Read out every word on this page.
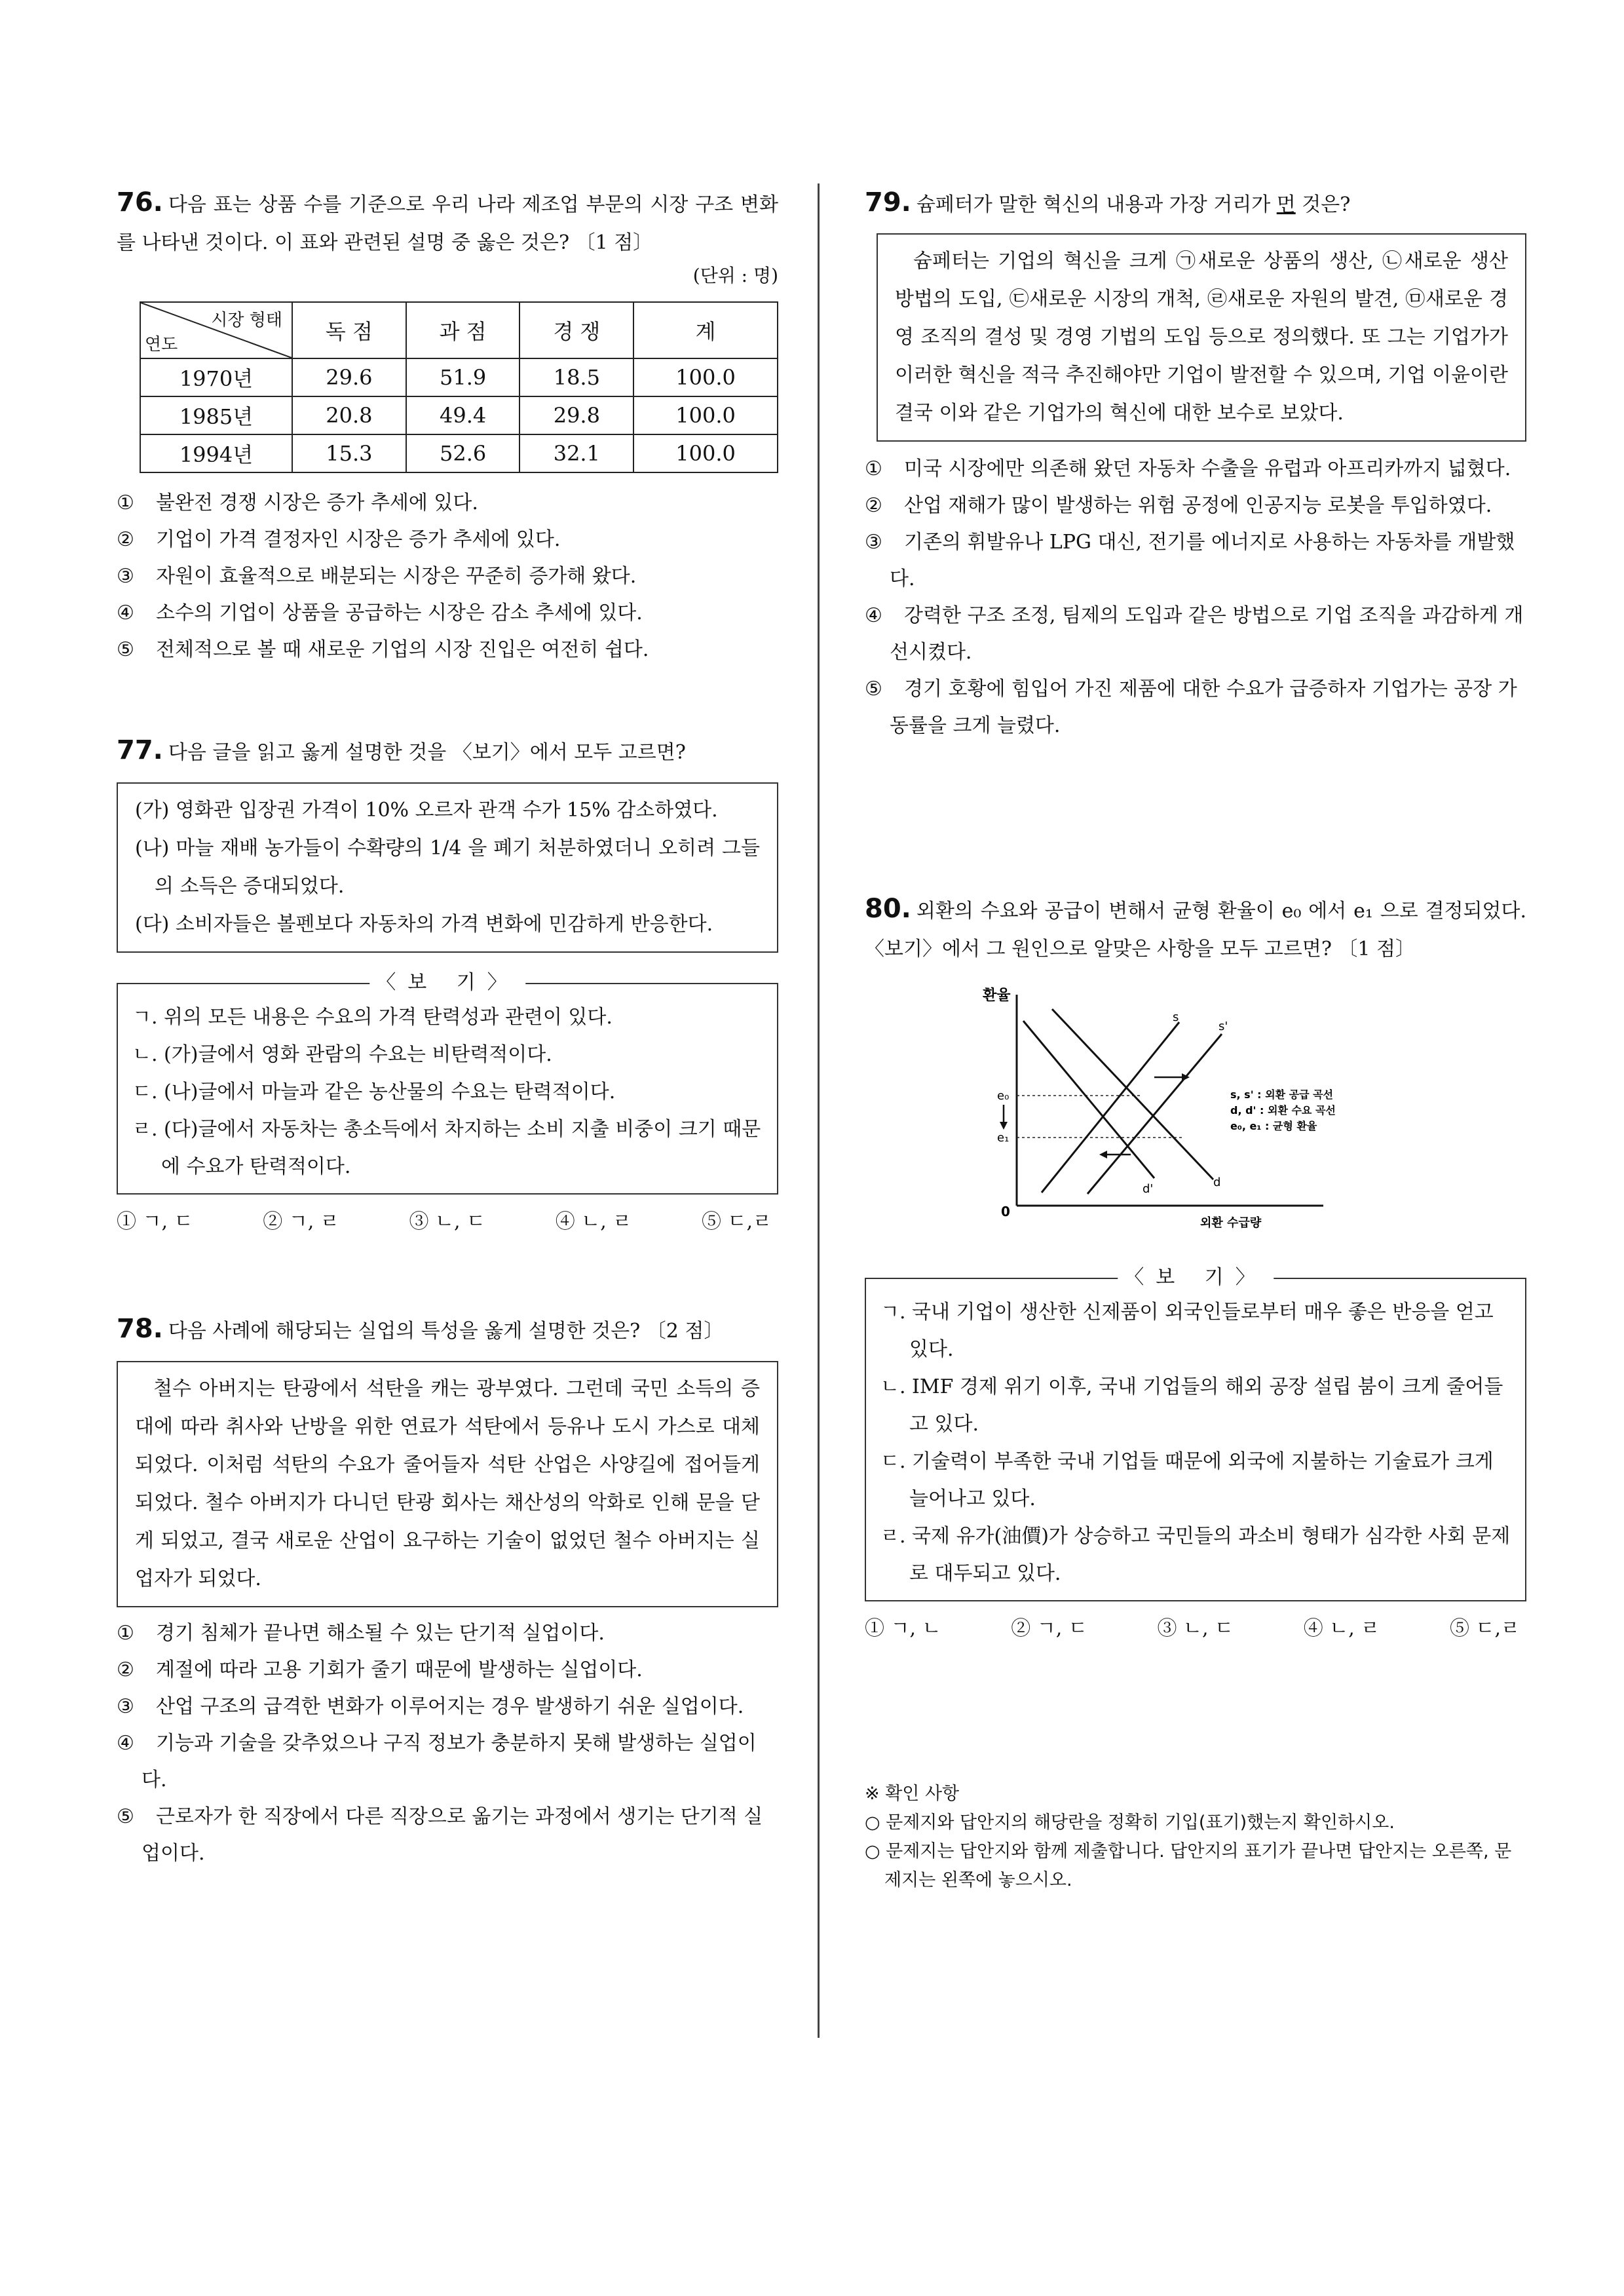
76. 다음 표는 상품 수를 기준으로 우리 나라 제조업 부문의 시장 구조 변화를 나타낸 것이다. 이 표와 관련된 설명 중 옳은 것은? 〔1 점〕
(단위 : 명)
시장 형태
연도	독 점	과 점	경 쟁	계
1970년	29.6	51.9	18.5	100.0
1985년	20.8	49.4	29.8	100.0
1994년	15.3	52.6	32.1	100.0
① 불완전 경쟁 시장은 증가 추세에 있다.
② 기업이 가격 결정자인 시장은 증가 추세에 있다.
③ 자원이 효율적으로 배분되는 시장은 꾸준히 증가해 왔다.
④ 소수의 기업이 상품을 공급하는 시장은 감소 추세에 있다.
⑤ 전체적으로 볼 때 새로운 기업의 시장 진입은 여전히 쉽다.
77. 다음 글을 읽고 옳게 설명한 것을 〈보기〉에서 모두 고르면?

(가) 영화관 입장권 가격이 10% 오르자 관객 수가 15% 감소하였다.

(나) 마늘 재배 농가들이 수확량의 1/4 을 폐기 처분하였더니 오히려 그들의 소득은 증대되었다.

(다) 소비자들은 볼펜보다 자동차의 가격 변화에 민감하게 반응한다.

〈보 기〉

ㄱ. 위의 모든 내용은 수요의 가격 탄력성과 관련이 있다.

ㄴ. (가)글에서 영화 관람의 수요는 비탄력적이다.

ㄷ. (나)글에서 마늘과 같은 농산물의 수요는 탄력적이다.

ㄹ. (다)글에서 자동차는 총소득에서 차지하는 소비 지출 비중이 크기 때문에 수요가 탄력적이다.

① ㄱ, ㄷ	② ㄱ, ㄹ	③ ㄴ, ㄷ	④ ㄴ, ㄹ	⑤ ㄷ,ㄹ
78. 다음 사례에 해당되는 실업의 특성을 옳게 설명한 것은? 〔2 점〕
철수 아버지는 탄광에서 석탄을 캐는 광부였다. 그런데 국민 소득의 증대에 따라 취사와 난방을 위한 연료가 석탄에서 등유나 도시 가스로 대체되었다. 이처럼 석탄의 수요가 줄어들자 석탄 산업은 사양길에 접어들게 되었다. 철수 아버지가 다니던 탄광 회사는 채산성의 악화로 인해 문을 닫게 되었고, 결국 새로운 산업이 요구하는 기술이 없었던 철수 아버지는 실업자가 되었다.
① 경기 침체가 끝나면 해소될 수 있는 단기적 실업이다.
② 계절에 따라 고용 기회가 줄기 때문에 발생하는 실업이다.
③ 산업 구조의 급격한 변화가 이루어지는 경우 발생하기 쉬운 실업이다.
④ 기능과 기술을 갖추었으나 구직 정보가 충분하지 못해 발생하는 실업이다.
⑤ 근로자가 한 직장에서 다른 직장으로 옮기는 과정에서 생기는 단기적 실업이다.
79. 슘페터가 말한 혁신의 내용과 가장 거리가 먼 것은?
슘페터는 기업의 혁신을 크게 ㉠새로운 상품의 생산, ㉡새로운 생산 방법의 도입, ㉢새로운 시장의 개척, ㉣새로운 자원의 발견, ㉤새로운 경영 조직의 결성 및 경영 기법의 도입 등으로 정의했다. 또 그는 기업가가 이러한 혁신을 적극 추진해야만 기업이 발전할 수 있으며, 기업 이윤이란 결국 이와 같은 기업가의 혁신에 대한 보수로 보았다.
① 미국 시장에만 의존해 왔던 자동차 수출을 유럽과 아프리카까지 넓혔다.
② 산업 재해가 많이 발생하는 위험 공정에 인공지능 로봇을 투입하였다.
③ 기존의 휘발유나 LPG 대신, 전기를 에너지로 사용하는 자동차를 개발했다.
④ 강력한 구조 조정, 팀제의 도입과 같은 방법으로 기업 조직을 과감하게 개선시켰다.
⑤ 경기 호황에 힘입어 가진 제품에 대한 수요가 급증하자 기업가는 공장 가동률을 크게 늘렸다.
80. 외환의 수요와 공급이 변해서 균형 환율이 e₀ 에서 e₁ 으로 결정되었다. 〈보기〉에서 그 원인으로 알맞은 사항을 모두 고르면? 〔1 점〕
환율
외환 수급량
0
e₀
e₁
s
s'
d'	d
s, s' : 외환 공급 곡선
d, d' : 외환 수요 곡선
e₀, e₁ : 균형 환율
〈보 기〉

ㄱ. 국내 기업이 생산한 신제품이 외국인들로부터 매우 좋은 반응을 얻고 있다.

ㄴ. IMF 경제 위기 이후, 국내 기업들의 해외 공장 설립 붐이 크게 줄어들고 있다.

ㄷ. 기술력이 부족한 국내 기업들 때문에 외국에 지불하는 기술료가 크게 늘어나고 있다.

ㄹ. 국제 유가(油價)가 상승하고 국민들의 과소비 형태가 심각한 사회 문제로 대두되고 있다.

① ㄱ, ㄴ	② ㄱ, ㄷ	③ ㄴ, ㄷ	④ ㄴ, ㄹ	⑤ ㄷ,ㄹ
※ 확인 사항

○ 문제지와 답안지의 해당란을 정확히 기입(표기)했는지 확인하시오.

○ 문제지는 답안지와 함께 제출합니다. 답안지의 표기가 끝나면 답안지는 오른쪽, 문제지는 왼쪽에 놓으시오.
